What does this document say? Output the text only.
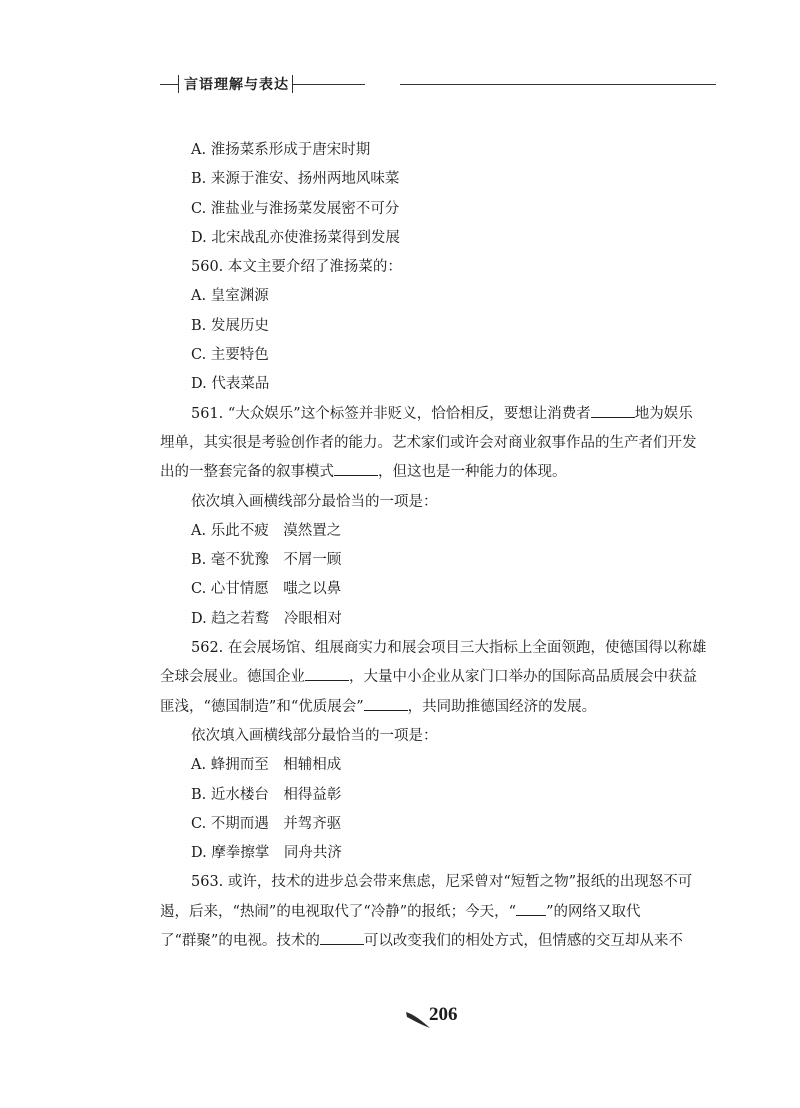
言语理解与表达
A. 淮扬菜系形成于唐宋时期
B. 来源于淮安、扬州两地风味菜
C. 淮盐业与淮扬菜发展密不可分
D. 北宋战乱亦使淮扬菜得到发展
560. 本文主要介绍了淮扬菜的：
A. 皇室渊源
B. 发展历史
C. 主要特色
D. 代表菜品
561. “大众娱乐”这个标签并非贬义，恰恰相反，要想让消费者	地为娱乐
埋单，其实很是考验创作者的能力。艺术家们或许会对商业叙事作品的生产者们开发
出的一整套完备的叙事模式	，但这也是一种能力的体现。
依次填入画横线部分最恰当的一项是：
A. 乐此不疲　漠然置之
B. 毫不犹豫　不屑一顾
C. 心甘情愿　嗤之以鼻
D. 趋之若鹜　冷眼相对
562. 在会展场馆、组展商实力和展会项目三大指标上全面领跑，使德国得以称雄
全球会展业。德国企业	，大量中小企业从家门口举办的国际高品质展会中获益
匪浅，“德国制造”和“优质展会”	，共同助推德国经济的发展。
依次填入画横线部分最恰当的一项是：
A. 蜂拥而至　相辅相成
B. 近水楼台　相得益彰
C. 不期而遇　并驾齐驱
D. 摩拳擦掌　同舟共济
563. 或许，技术的进步总会带来焦虑，尼采曾对“短暂之物”报纸的出现怒不可
遏，后来，“热闹”的电视取代了“冷静”的报纸；今天，“ ”的网络又取代
了“群聚”的电视。技术的	可以改变我们的相处方式，但情感的交互却从来不
206
